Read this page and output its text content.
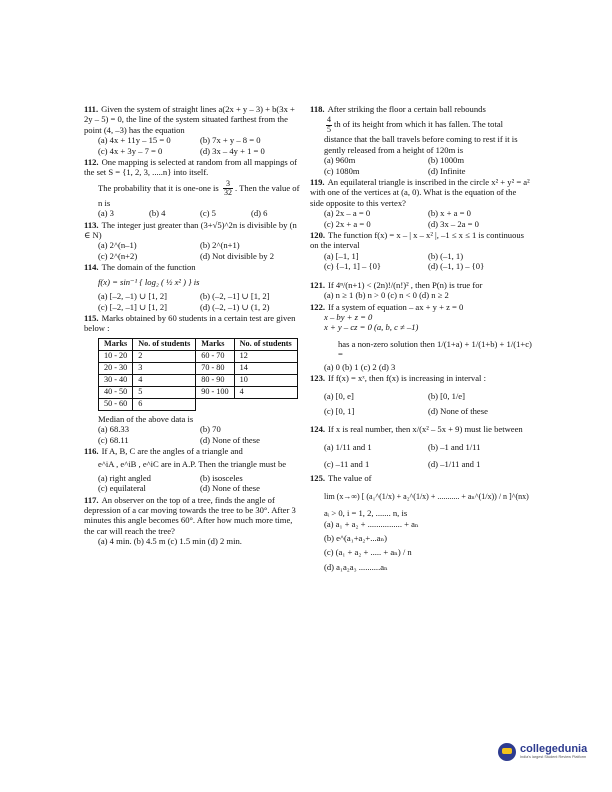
111. Given the system of straight lines a(2x + y – 3) + b(3x + 2y – 5) = 0, the line of the system situated farthest from the point (4, –3) has the equation
(a) 4x + 11y – 15 = 0	(b) 7x + y – 8 = 0
(c) 4x + 3y – 7 = 0	(d) 3x – 4y + 1 = 0
112. One mapping is selected at random from all mappings of the set S = {1, 2, 3, .....n} into itself.
The probability that it is one-one is $\frac{3}{32}$ . Then the value of n is
(a) 3	(b) 4	(c) 5	(d) 6
113. The integer just greater than (3+√5)^2n is divisible by (n ∈ N)
(a) 2^(n–1)	(b) 2^(n+1)
(c) 2^(n+2)	(d) Not divisible by 2
114. The domain of the function
f(x) = sin⁻¹ { log₂ ( ½ x² ) } is
(a) [–2, –1) ∪ [1, 2]	(b) (–2, –1] ∪ [1, 2]
(c) [–2, –1] ∪ [1, 2]	(d) (–2, –1) ∪ (1, 2)
115. Marks obtained by 60 students in a certain test are given below :
Marks	No. of students	Marks	No. of students
10 - 20	2	60 - 70	12
20 - 30	3	70 - 80	14
30 - 40	4	80 - 90	10
40 - 50	5	90 - 100	4
50 - 60	6		
Median of the above data is
(a) 68.33	(b) 70
(c) 68.11	(d) None of these
116. If A, B, C are the angles of a triangle and
e^iA , e^iB , e^iC are in A.P. Then the triangle must be
(a) right angled	(b) isosceles
(c) equilateral	(d) None of these
117. An observer on the top of a tree, finds the angle of depression of a car moving towards the tree to be 30°. After 3 minutes this angle becomes 60°. After how much more time, the car will reach the tree?
(a) 4 min. (b) 4.5 m (c) 1.5 min (d) 2 min.
118. After striking the floor a certain ball rebounds
$\frac{4}{5}$ th of its height from which it has fallen. The total distance that the ball travels before coming to rest if it is gently released from a height of 120m is
(a) 960m	(b) 1000m
(c) 1080m	(d) Infinite
119. An equilateral triangle is inscribed in the circle x² + y² = a² with one of the vertices at (a, 0). What is the equation of the side opposite to this vertex?
(a) 2x – a = 0	(b) x + a = 0
(c) 2x + a = 0	(d) 3x – 2a = 0
120. The function f(x) = x – | x – x² |, –1 ≤ x ≤ 1 is continuous on the interval
(a) [–1, 1]	(b) (–1, 1)
(c) {–1, 1] – {0}	(d) (–1, 1) – {0}
121. If 4ⁿ/(n+1) < (2n)!/(n!)² , then P(n) is true for
(a) n ≥ 1 (b) n > 0 (c) n < 0 (d) n ≥ 2
122. If a system of equation – ax + y + z = 0
x – by + z = 0
x + y – cz = 0 (a, b, c ≠ –1)
has a non-zero solution then 1/(1+a) + 1/(1+b) + 1/(1+c) =
(a) 0 (b) 1 (c) 2 (d) 3
123. If f(x) = xˣ, then f(x) is increasing in interval :
(a) [0, e]	(b) [0, 1/e]
(c) [0, 1]	(d) None of these
124. If x is real number, then x/(x² – 5x + 9) must lie between
(a) 1/11 and 1	(b) –1 and 1/11
(c) –11 and 1	(d) –1/11 and 1
125. The value of
lim (x→∞) [ (a₁^(1/x) + a₂^(1/x) + ........... + aₙ^(1/x)) / n ]^(nx)
aᵢ > 0, i = 1, 2, ....... n, is
(a) a₁ + a₂ + ................ + aₙ
(b) e^(a₁+a₂+...aₙ)
(c) (a₁ + a₂ + ..... + aₙ) / n
(d) a₁a₂a₃ ..........aₙ
collegedunia
India's largest Student Review Platform
